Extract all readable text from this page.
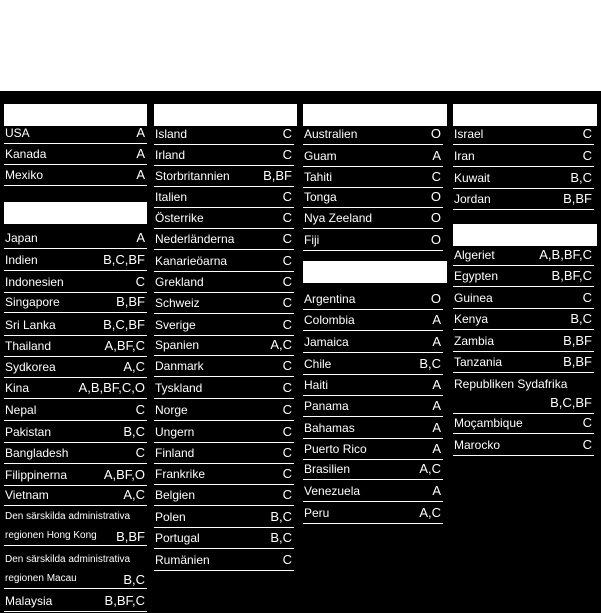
USA	A
Kanada	A
Mexiko	A
Japan	A
Indien	B,C,BF
Indonesien	C
Singapore	B,BF
Sri Lanka	B,C,BF
Thailand	A,BF,C
Sydkorea	A,C
Kina	A,B,BF,C,O
Nepal	C
Pakistan	B,C
Bangladesh	C
Filippinerna	A,BF,O
Vietnam	A,C
Den särskilda administrativa
regionen Hong Kong	B,BF
Den särskilda administrativa
regionen Macau	B,C
Malaysia	B,BF,C
Island	C
Irland	C
Storbritannien	B,BF
Italien	C
Österrike	C
Nederländerna	C
Kanarieöarna	C
Grekland	C
Schweiz	C
Sverige	C
Spanien	A,C
Danmark	C
Tyskland	C
Norge	C
Ungern	C
Finland	C
Frankrike	C
Belgien	C
Polen	B,C
Portugal	B,C
Rumänien	C
Australien	O
Guam	A
Tahiti	C
Tonga	O
Nya Zeeland	O
Fiji	O
Argentina	O
Colombia	A
Jamaica	A
Chile	B,C
Haiti	A
Panama	A
Bahamas	A
Puerto Rico	A
Brasilien	A,C
Venezuela	A
Peru	A,C
Israel	C
Iran	C
Kuwait	B,C
Jordan	B,BF
Algeriet	A,B,BF,C
Egypten	B,BF,C
Guinea	C
Kenya	B,C
Zambia	B,BF
Tanzania	B,BF
Republiken Sydafrika
B,C,BF
Moçambique	C
Marocko	C
